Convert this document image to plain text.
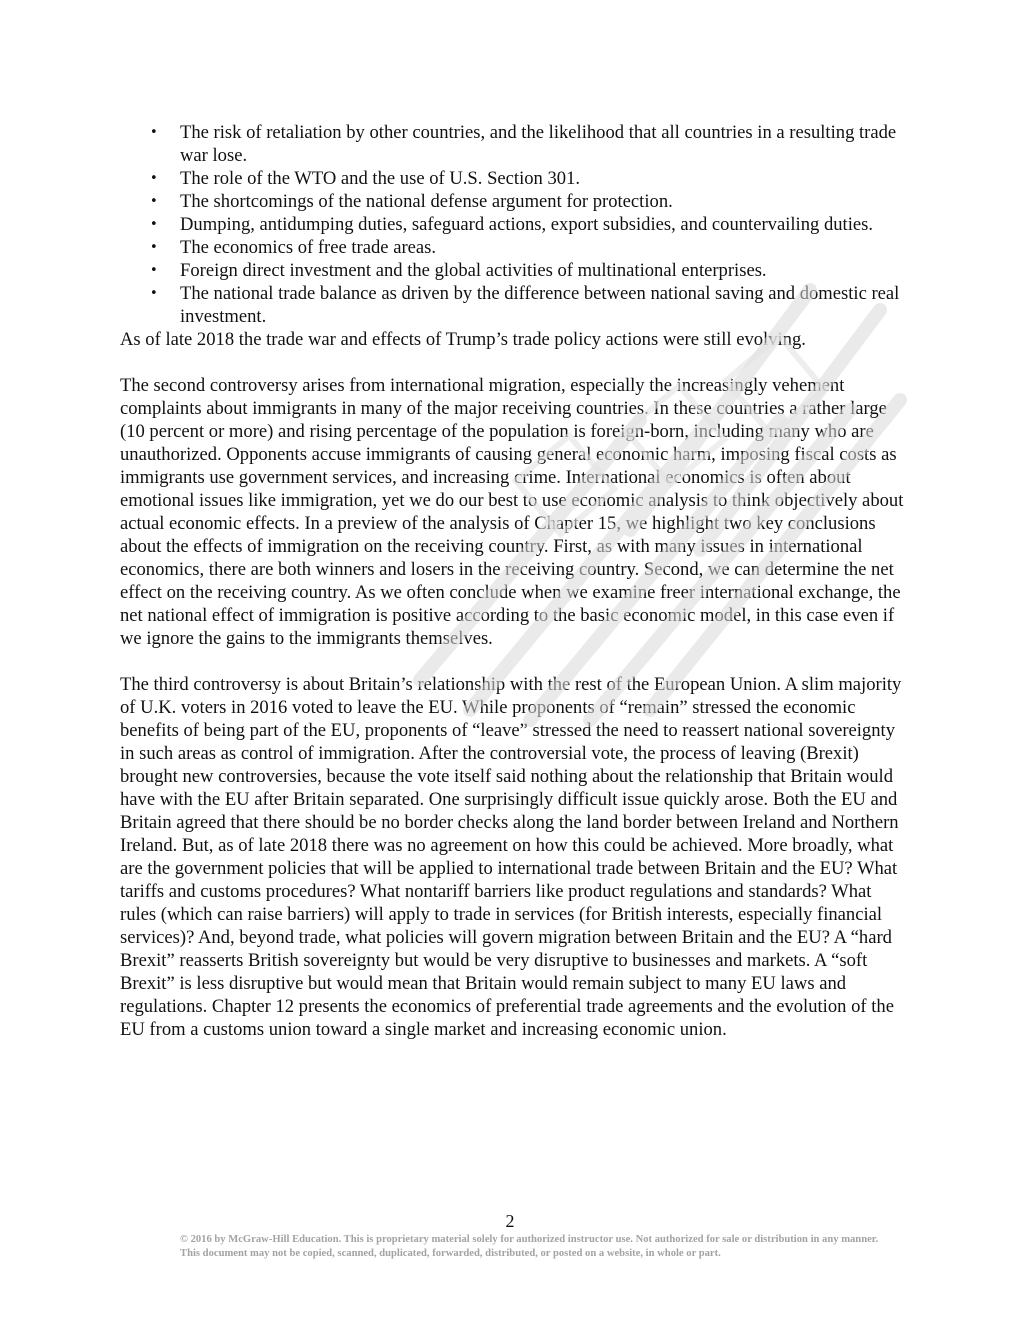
• The risk of retaliation by other countries, and the likelihood that all countries in a resulting trade war lose.
• The role of the WTO and the use of U.S. Section 301.
• The shortcomings of the national defense argument for protection.
• Dumping, antidumping duties, safeguard actions, export subsidies, and countervailing duties.
• The economics of free trade areas.
• Foreign direct investment and the global activities of multinational enterprises.
• The national trade balance as driven by the difference between national saving and domestic real investment.

As of late 2018 the trade war and effects of Trump’s trade policy actions were still evolving.

The second controversy arises from international migration, especially the increasingly vehement complaints about immigrants in many of the major receiving countries. In these countries a rather large (10 percent or more) and rising percentage of the population is foreign-born, including many who are unauthorized. Opponents accuse immigrants of causing general economic harm, imposing fiscal costs as immigrants use government services, and increasing crime. International economics is often about emotional issues like immigration, yet we do our best to use economic analysis to think objectively about actual economic effects. In a preview of the analysis of Chapter 15, we highlight two key conclusions about the effects of immigration on the receiving country. First, as with many issues in international economics, there are both winners and losers in the receiving country. Second, we can determine the net effect on the receiving country. As we often conclude when we examine freer international exchange, the net national effect of immigration is positive according to the basic economic model, in this case even if we ignore the gains to the immigrants themselves.

The third controversy is about Britain’s relationship with the rest of the European Union. A slim majority of U.K. voters in 2016 voted to leave the EU. While proponents of “remain” stressed the economic benefits of being part of the EU, proponents of “leave” stressed the need to reassert national sovereignty in such areas as control of immigration. After the controversial vote, the process of leaving (Brexit) brought new controversies, because the vote itself said nothing about the relationship that Britain would have with the EU after Britain separated. One surprisingly difficult issue quickly arose. Both the EU and Britain agreed that there should be no border checks along the land border between Ireland and Northern Ireland. But, as of late 2018 there was no agreement on how this could be achieved. More broadly, what are the government policies that will be applied to international trade between Britain and the EU? What tariffs and customs procedures? What nontariff barriers like product regulations and standards? What rules (which can raise barriers) will apply to trade in services (for British interests, especially financial services)? And, beyond trade, what policies will govern migration between Britain and the EU? A “hard Brexit” reasserts British sovereignty but would be very disruptive to businesses and markets. A “soft Brexit” is less disruptive but would mean that Britain would remain subject to many EU laws and regulations. Chapter 12 presents the economics of preferential trade agreements and the evolution of the EU from a customs union toward a single market and increasing economic union.

2
© 2016 by McGraw-Hill Education. This is proprietary material solely for authorized instructor use. Not authorized for sale or distribution in any manner. This document may not be copied, scanned, duplicated, forwarded, distributed, or posted on a website, in whole or part.
